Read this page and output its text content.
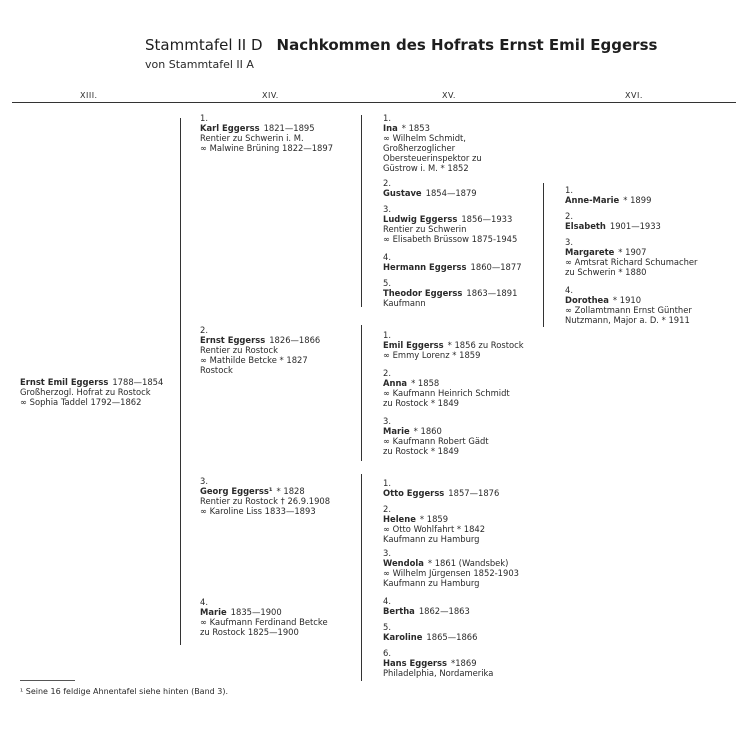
Stammtafel II D Nachkommen des Hofrats Ernst Emil Eggerss
von Stammtafel II A
XIII.	XIV.	XV.	XVI.
Ernst Emil Eggerss 1788—1854
Großherzogl. Hofrat zu Rostock
∞ Sophia Taddel 1792—1862
1.
Karl Eggerss 1821—1895
Rentier zu Schwerin i. M.
∞ Malwine Brüning 1822—1897
2.
Ernst Eggerss 1826—1866
Rentier zu Rostock
∞ Mathilde Betcke * 1827
Rostock
3.
Georg Eggerss¹ * 1828
Rentier zu Rostock † 26.9.1908
∞ Karoline Liss 1833—1893
4.
Marie 1835—1900
∞ Kaufmann Ferdinand Betcke
zu Rostock 1825—1900
1.
Ina * 1853
∞ Wilhelm Schmidt,
Großherzoglicher
Obersteuerinspektor zu
Güstrow i. M. * 1852
2.
Gustave 1854—1879
3.
Ludwig Eggerss 1856—1933
Rentier zu Schwerin
∞ Elisabeth Brüssow 1875-1945
4.
Hermann Eggerss 1860—1877
5.
Theodor Eggerss 1863—1891
Kaufmann
1.
Emil Eggerss * 1856 zu Rostock
∞ Emmy Lorenz * 1859
2.
Anna * 1858
∞ Kaufmann Heinrich Schmidt
zu Rostock * 1849
3.
Marie * 1860
∞ Kaufmann Robert Gädt
zu Rostock * 1849
1.
Otto Eggerss 1857—1876
2.
Helene * 1859
∞ Otto Wohlfahrt * 1842
Kaufmann zu Hamburg
3.
Wendola * 1861 (Wandsbek)
∞ Wilhelm Jürgensen 1852-1903
Kaufmann zu Hamburg
4.
Bertha 1862—1863
5.
Karoline 1865—1866
6.
Hans Eggerss *1869
Philadelphia, Nordamerika
1.
Anne-Marie * 1899
2.
Elsabeth 1901—1933
3.
Margarete * 1907
∞ Amtsrat Richard Schumacher
zu Schwerin * 1880
4.
Dorothea * 1910
∞ Zollamtmann Ernst Günther
Nutzmann, Major a. D. * 1911
¹ Seine 16 feldige Ahnentafel siehe hinten (Band 3).
